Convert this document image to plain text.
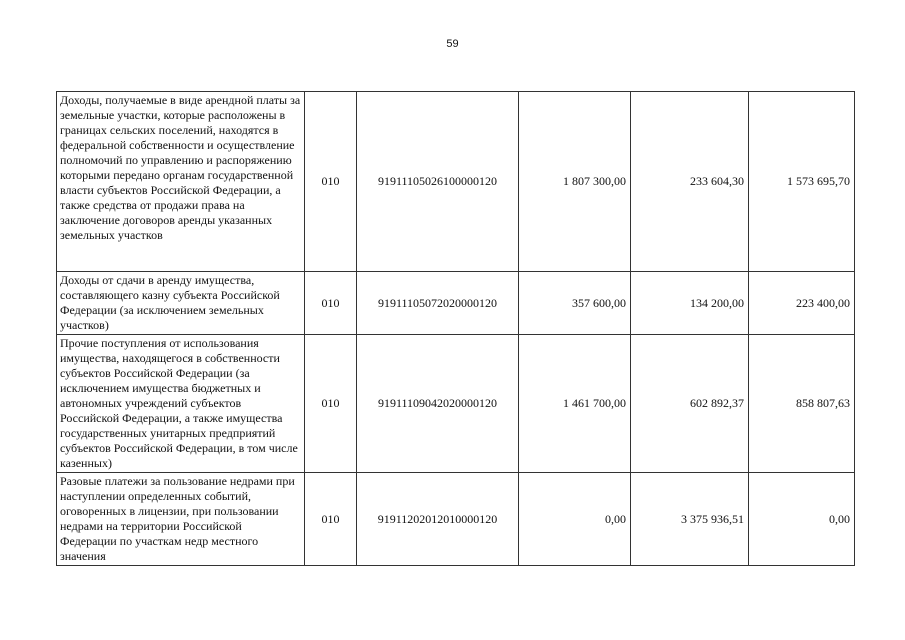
59
Доходы, получаемые в виде арендной платы за земельные участки, которые расположены в границах сельских поселений, находятся в федеральной собственности и осуществление полномочий по управлению и распоряжению которыми передано органам государственной власти субъектов Российской Федерации, а также средства от продажи права на заключение договоров аренды указанных земельных участков	010	91911105026100000120	1 807 300,00	233 604,30	1 573 695,70
Доходы от сдачи в аренду имущества, составляющего казну субъекта Российской Федерации (за исключением земельных участков)	010	91911105072020000120	357 600,00	134 200,00	223 400,00
Прочие поступления от использования имущества, находящегося в собственности субъектов Российской Федерации (за исключением имущества бюджетных и автономных учреждений субъектов Российской Федерации, а также имущества государственных унитарных предприятий субъектов Российской Федерации, в том числе казенных)	010	91911109042020000120	1 461 700,00	602 892,37	858 807,63
Разовые платежи за пользование недрами при наступлении определенных событий, оговоренных в лицензии, при пользовании недрами на территории Российской Федерации по участкам недр местного значения	010	91911202012010000120	0,00	3 375 936,51	0,00
